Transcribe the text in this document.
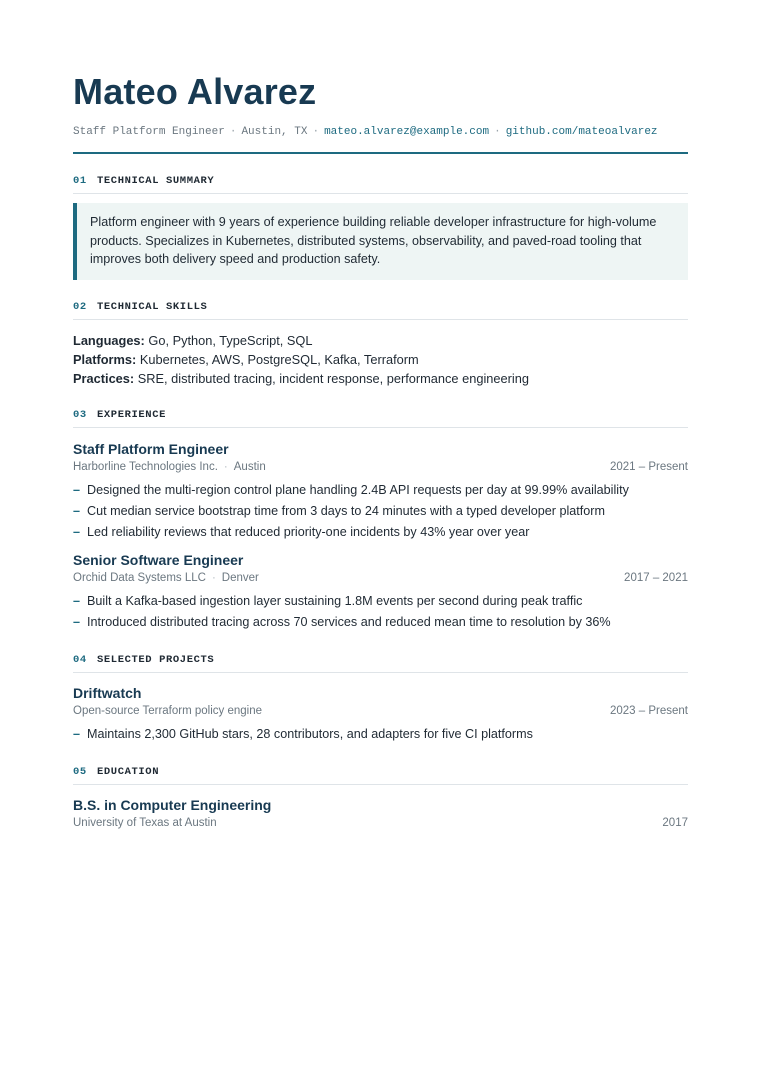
Mateo Alvarez
Staff Platform Engineer · Austin, TX · mateo.alvarez@example.com · github.com/mateoalvarez
01 TECHNICAL SUMMARY
Platform engineer with 9 years of experience building reliable developer infrastructure for high-volume products. Specializes in Kubernetes, distributed systems, observability, and paved-road tooling that improves both delivery speed and production safety.
02 TECHNICAL SKILLS
Languages: Go, Python, TypeScript, SQL
Platforms: Kubernetes, AWS, PostgreSQL, Kafka, Terraform
Practices: SRE, distributed tracing, incident response, performance engineering
03 EXPERIENCE
Staff Platform Engineer
Harborline Technologies Inc. · Austin	2021 – Present
– Designed the multi-region control plane handling 2.4B API requests per day at 99.99% availability
– Cut median service bootstrap time from 3 days to 24 minutes with a typed developer platform
– Led reliability reviews that reduced priority-one incidents by 43% year over year
Senior Software Engineer
Orchid Data Systems LLC · Denver	2017 – 2021
– Built a Kafka-based ingestion layer sustaining 1.8M events per second during peak traffic
– Introduced distributed tracing across 70 services and reduced mean time to resolution by 36%
04 SELECTED PROJECTS
Driftwatch
Open-source Terraform policy engine	2023 – Present
– Maintains 2,300 GitHub stars, 28 contributors, and adapters for five CI platforms
05 EDUCATION
B.S. in Computer Engineering
University of Texas at Austin	2017
